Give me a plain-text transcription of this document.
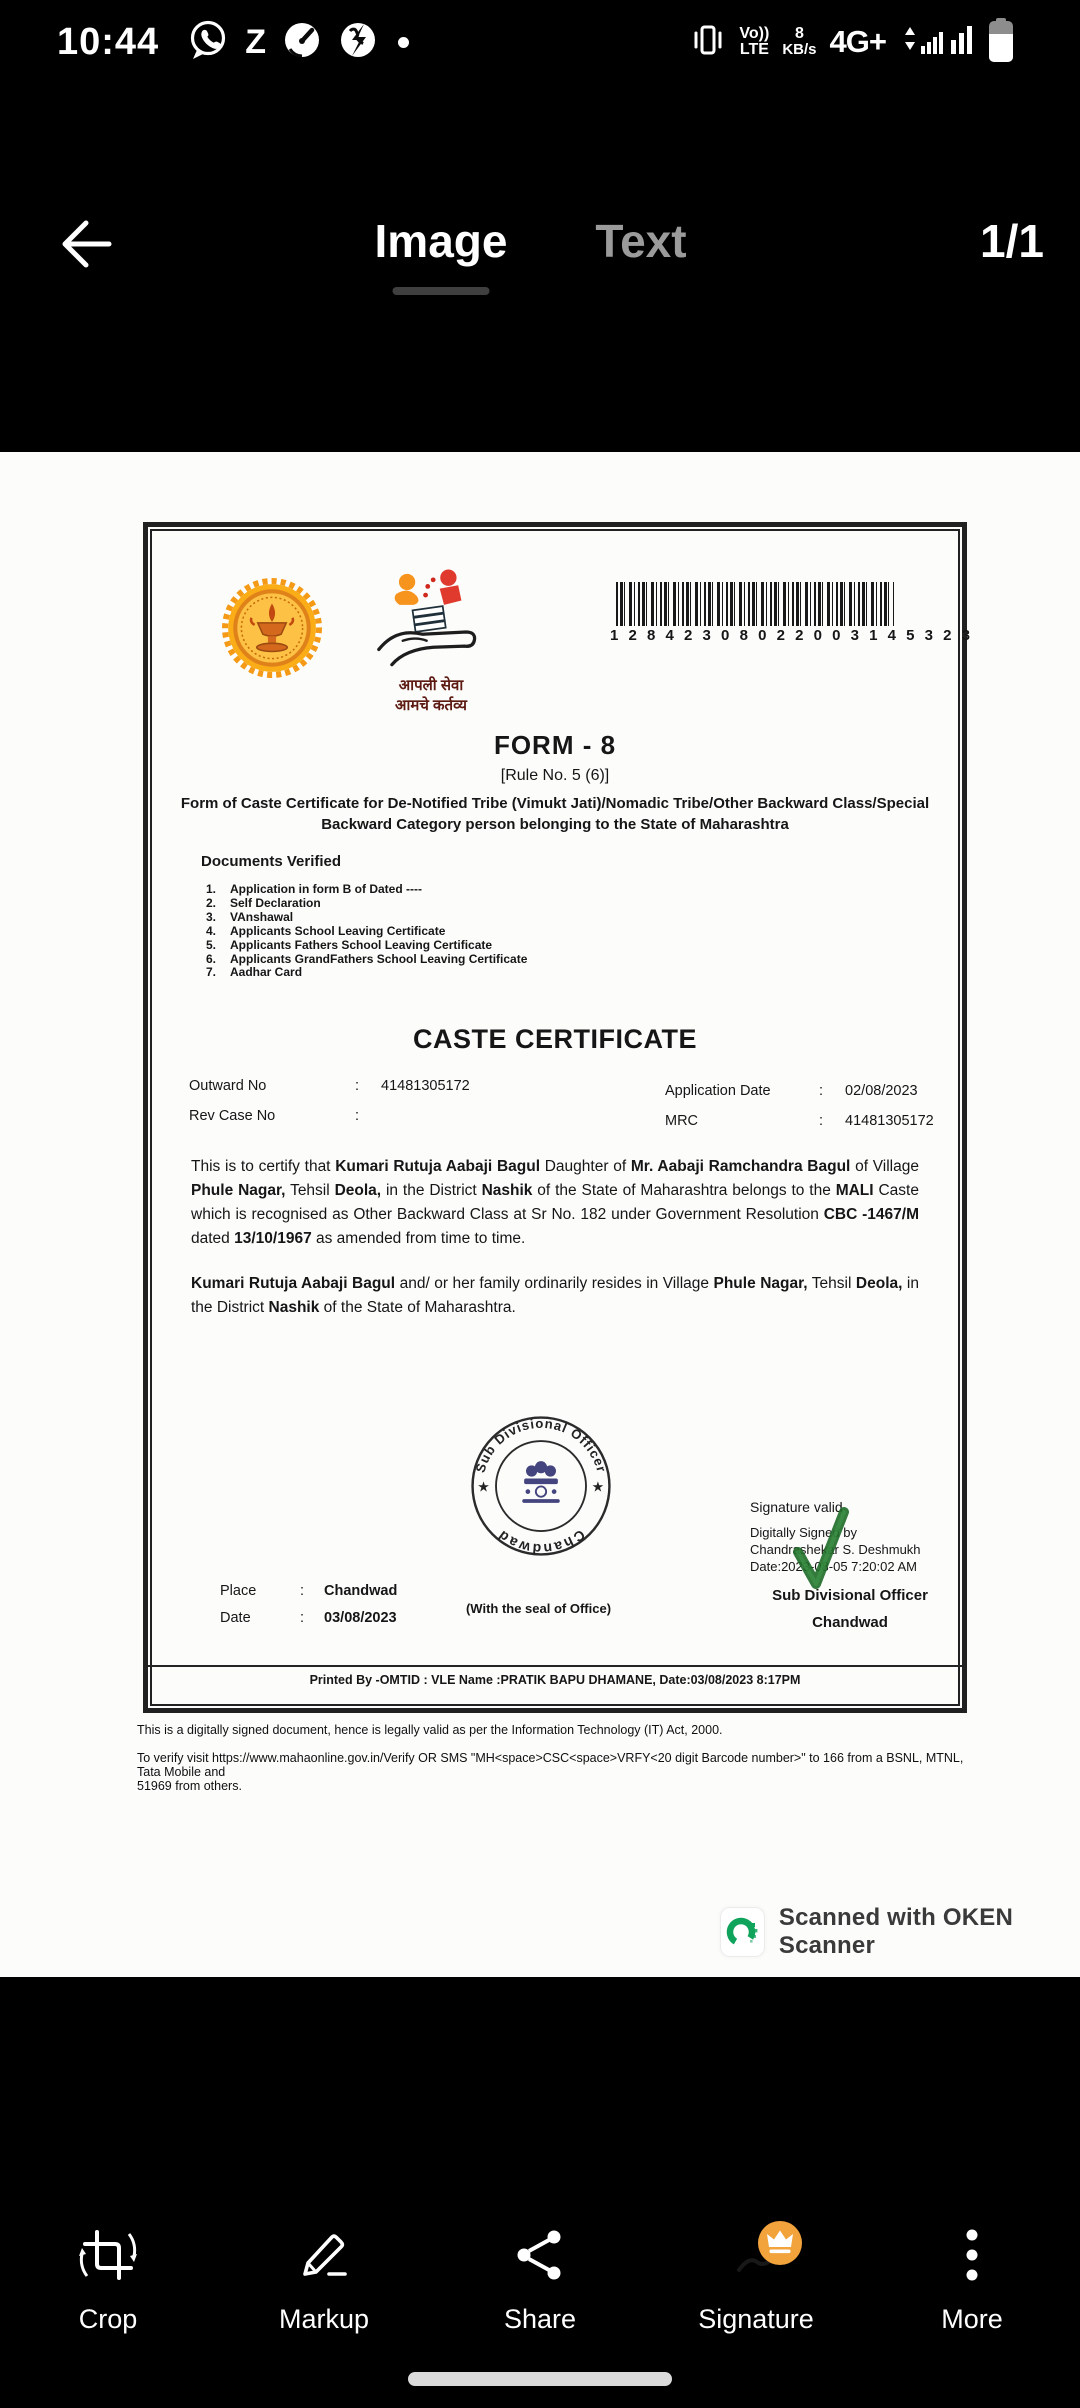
10:44	Z	Vo))
LTE
8
KB/s 4G+
Image Text	1/1
आपली सेवा
आमचे कर्तव्य
1 2 8 4 2 3 0 8 0 2 2 0 0 3 1 4 5 3 2 3
FORM - 8
[Rule No. 5 (6)]
Form of Caste Certificate for De-Notified Tribe (Vimukt Jati)/Nomadic Tribe/Other Backward Class/Special Backward Category person belonging to the State of Maharashtra
Documents Verified
1.	Application in form B of Dated ----
2.	Self Declaration
3.	VAnshawal
4.	Applicants School Leaving Certificate
5.	Applicants Fathers School Leaving Certificate
6.	Applicants GrandFathers School Leaving Certificate
7.	Aadhar Card
CASTE CERTIFICATE
Outward No	: 41481305172
Rev Case No	:
Application Date	: 02/08/2023
MRC	: 41481305172
This is to certify that Kumari Rutuja Aabaji Bagul Daughter of Mr. Aabaji Ramchandra Bagul of Village Phule Nagar, Tehsil Deola, in the District Nashik of the State of Maharashtra belongs to the MALI Caste which is recognised as Other Backward Class at Sr No. 182 under Government Resolution CBC -1467/M dated 13/10/1967 as amended from time to time.
Kumari Rutuja Aabaji Bagul and/ or her family ordinarily resides in Village Phule Nagar, Tehsil Deola, in the District Nashik of the State of Maharashtra.
Sub Divisional Officer
Chandwad
★	★
(With the seal of Office)
Signature valid
Digitally Signed by
Chandrashekar S. Deshmukh
Date:2023-08-05 7:20:02 AM
Sub Divisional Officer
Chandwad
Place	: Chandwad
Date	: 03/08/2023
Printed By -OMTID : VLE Name :PRATIK BAPU DHAMANE, Date:03/08/2023 8:17PM
This is a digitally signed document, hence is legally valid as per the Information Technology (IT) Act, 2000.
To verify visit https://www.mahaonline.gov.in/Verify OR SMS "MH<space>CSC<space>VRFY<20 digit Barcode number>" to 166 from a BSNL, MTNL, Tata Mobile and
51969 from others.
Scanned with OKEN Scanner
Crop	Markup	Share	Signature	More
